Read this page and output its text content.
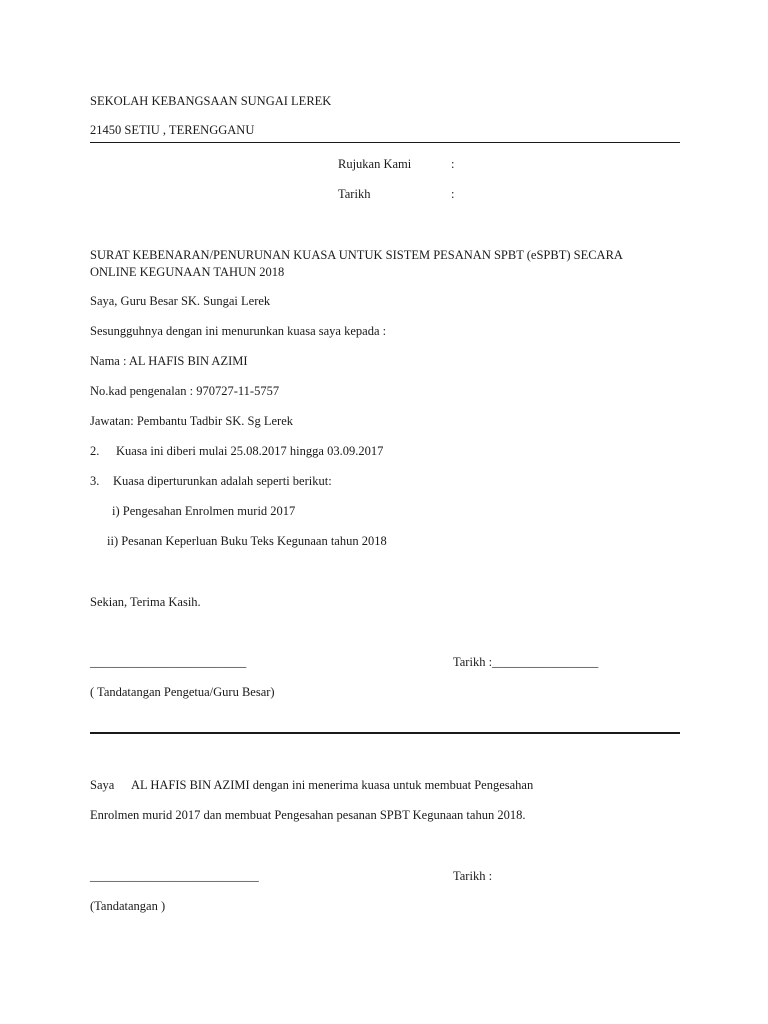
SEKOLAH KEBANGSAAN SUNGAI LEREK
21450 SETIU , TERENGGANU
Rujukan Kami	:
Tarikh	:
SURAT KEBENARAN/PENURUNAN KUASA UNTUK SISTEM PESANAN SPBT (eSPBT) SECARA
ONLINE KEGUNAAN TAHUN 2018
Saya, Guru Besar SK. Sungai Lerek
Sesungguhnya dengan ini menurunkan kuasa saya kepada :
Nama : AL HAFIS BIN AZIMI
No.kad pengenalan : 970727-11-5757
Jawatan: Pembantu Tadbir SK. Sg Lerek
2. Kuasa ini diberi mulai 25.08.2017 hingga 03.09.2017
3. Kuasa diperturunkan adalah seperti berikut:
i) Pengesahan Enrolmen murid 2017
ii) Pesanan Keperluan Buku Teks Kegunaan tahun 2018
Sekian, Terima Kasih.
_________________________	Tarikh :_________________
( Tandatangan Pengetua/Guru Besar)
Saya AL HAFIS BIN AZIMI dengan ini menerima kuasa untuk membuat Pengesahan
Enrolmen murid 2017 dan membuat Pengesahan pesanan SPBT Kegunaan tahun 2018.
___________________________	Tarikh :
(Tandatangan )
